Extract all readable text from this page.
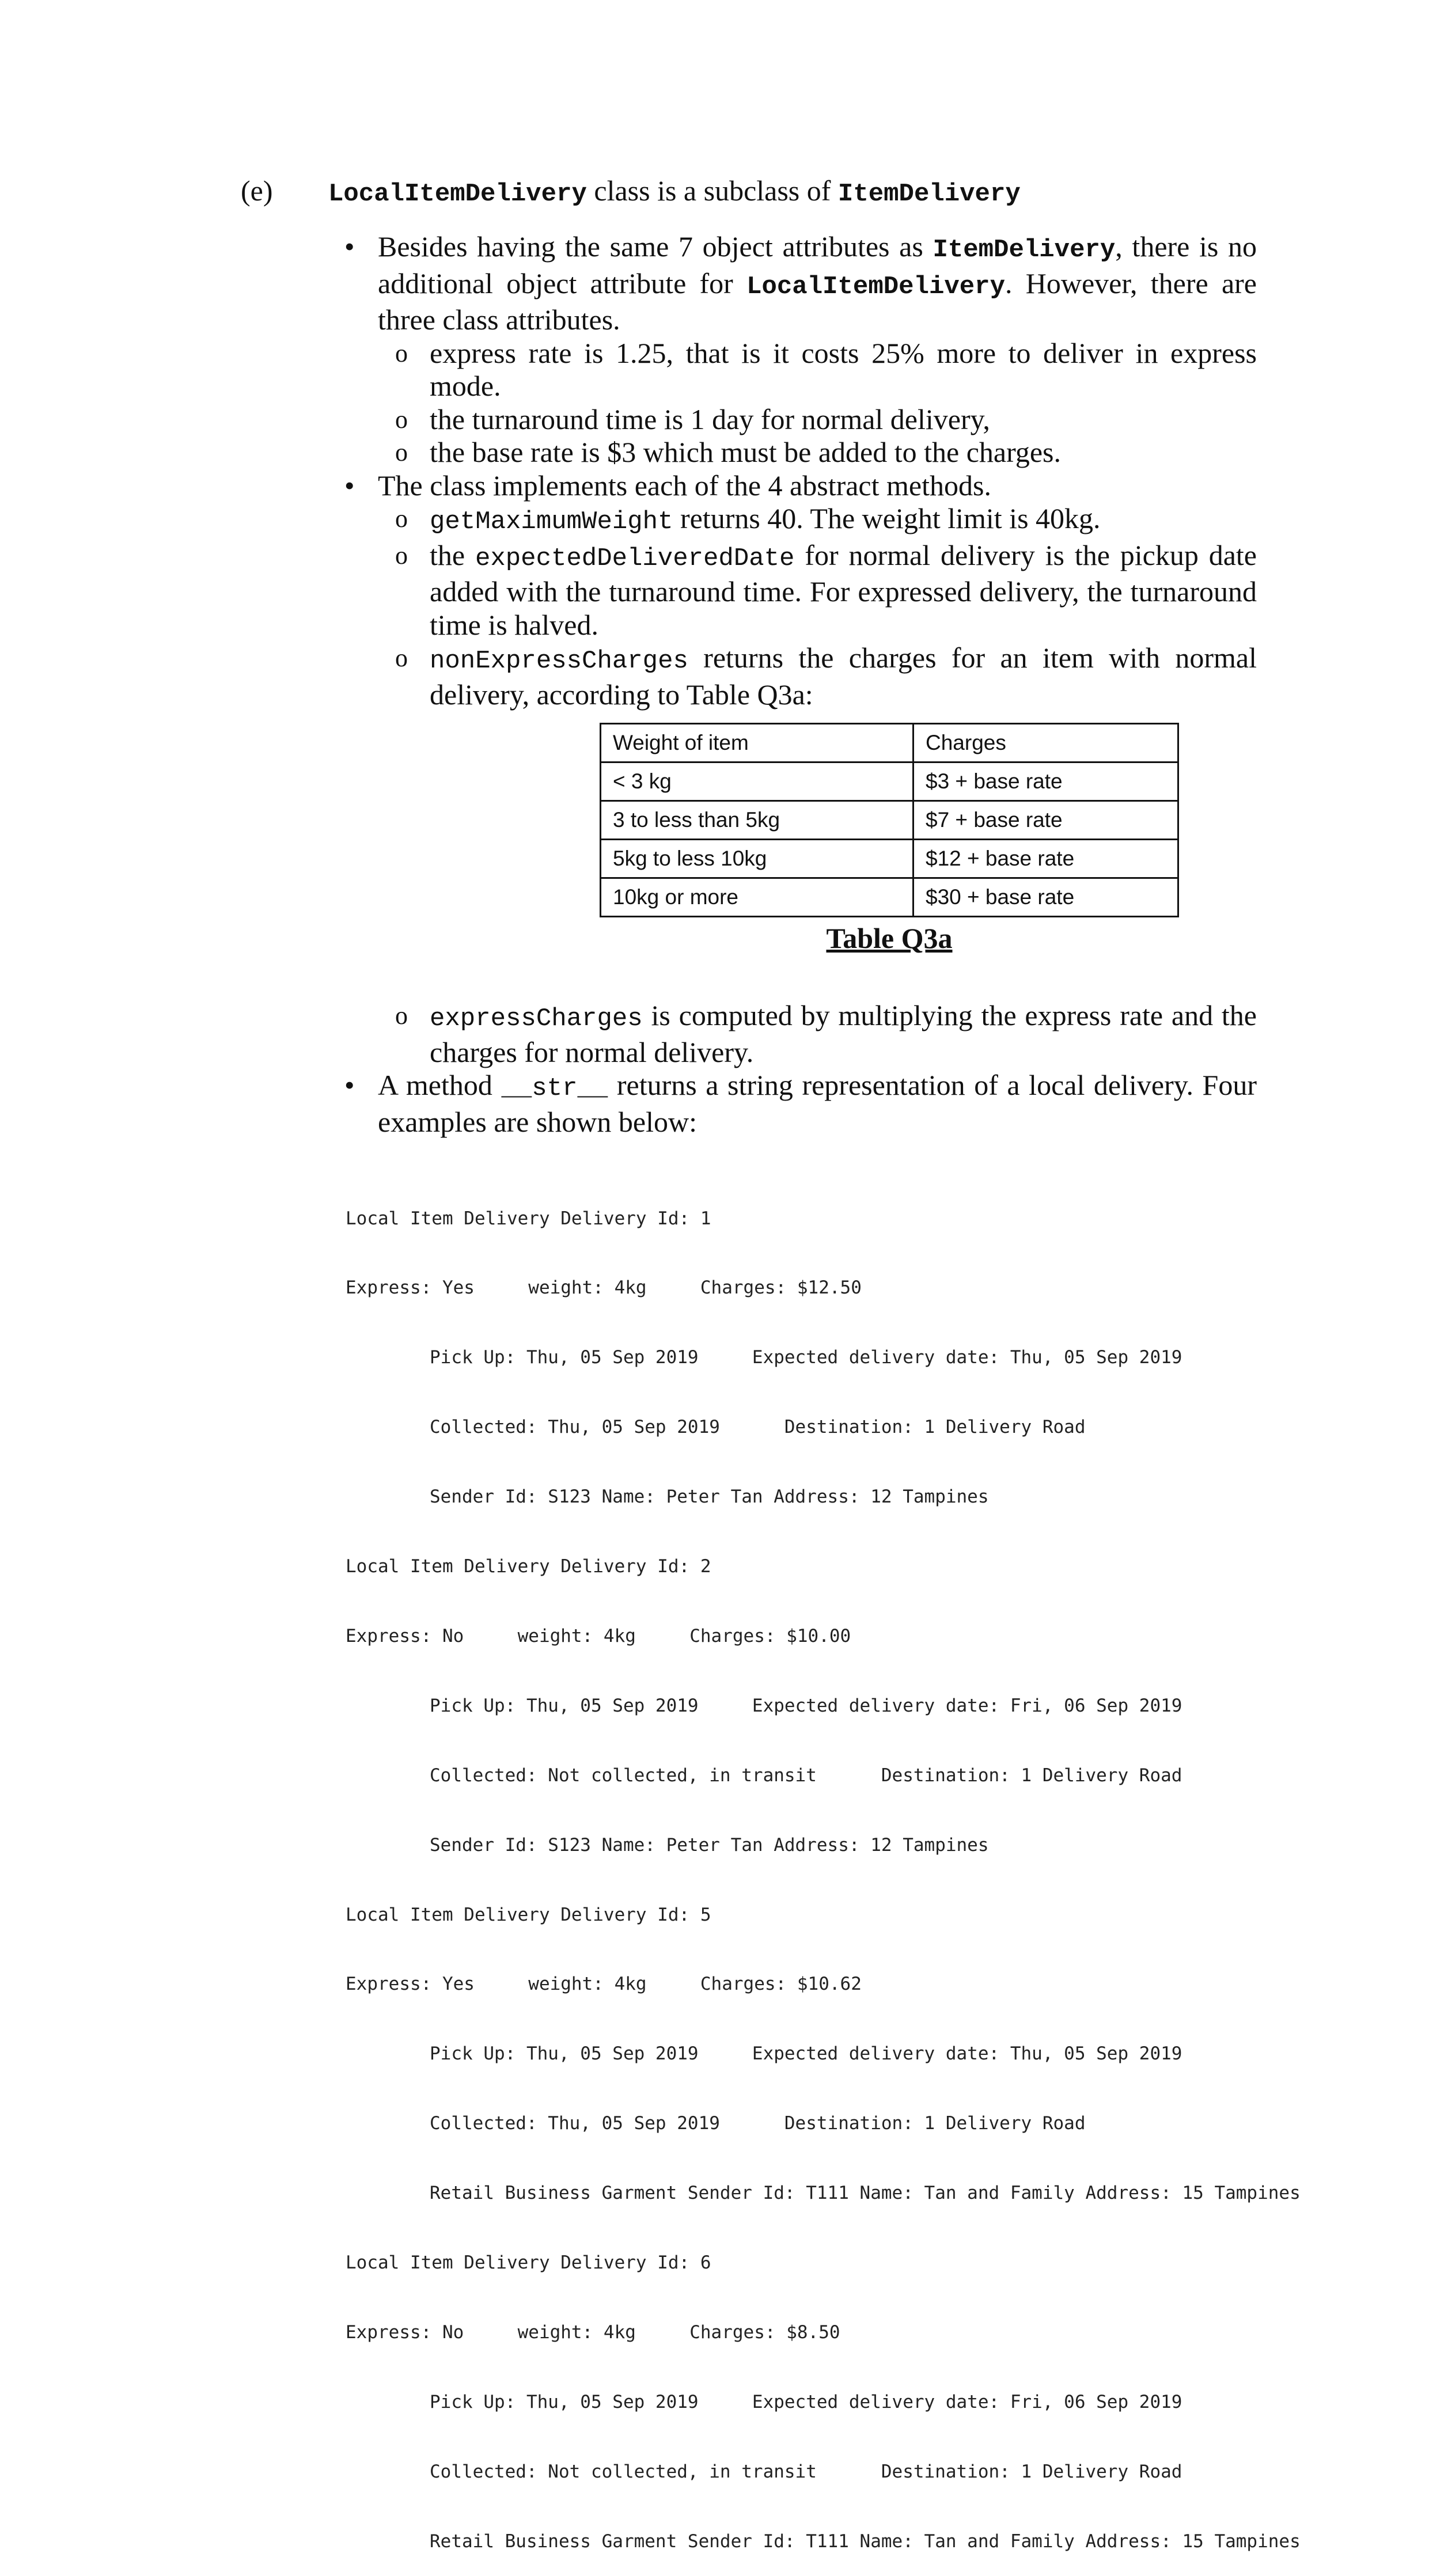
(e) LocalItemDelivery class is a subclass of ItemDelivery
• Besides having the same 7 object attributes as ItemDelivery, there is no additional object attribute for LocalItemDelivery. However, there are three class attributes.
o express rate is 1.25, that is it costs 25% more to deliver in express mode.
o the turnaround time is 1 day for normal delivery,
o the base rate is $3 which must be added to the charges.
• The class implements each of the 4 abstract methods.
o getMaximumWeight returns 40. The weight limit is 40kg.
o the expectedDeliveredDate for normal delivery is the pickup date added with the turnaround time. For expressed delivery, the turnaround time is halved.
o nonExpressCharges returns the charges for an item with normal delivery, according to Table Q3a:
o expressCharges is computed by multiplying the express rate and the charges for normal delivery.
• A method __str__ returns a string representation of a local delivery. Four examples are shown below:
Weight of item	Charges
< 3 kg	$3 + base rate
3 to less than 5kg	$7 + base rate
5kg to less 10kg	$12 + base rate
10kg or more	$30 + base rate
Table Q3a

Local Item Delivery Delivery Id: 1

Express: Yes     weight: 4kg     Charges: $12.50

Pick Up: Thu, 05 Sep 2019     Expected delivery date: Thu, 05 Sep 2019

Collected: Thu, 05 Sep 2019      Destination: 1 Delivery Road

Sender Id: S123 Name: Peter Tan Address: 12 Tampines

Local Item Delivery Delivery Id: 2

Express: No     weight: 4kg     Charges: $10.00

Pick Up: Thu, 05 Sep 2019     Expected delivery date: Fri, 06 Sep 2019

Collected: Not collected, in transit      Destination: 1 Delivery Road

Sender Id: S123 Name: Peter Tan Address: 12 Tampines

Local Item Delivery Delivery Id: 5

Express: Yes     weight: 4kg     Charges: $10.62

Pick Up: Thu, 05 Sep 2019     Expected delivery date: Thu, 05 Sep 2019

Collected: Thu, 05 Sep 2019      Destination: 1 Delivery Road

Retail Business Garment Sender Id: T111 Name: Tan and Family Address: 15 Tampines

Local Item Delivery Delivery Id: 6

Express: No     weight: 4kg     Charges: $8.50

Pick Up: Thu, 05 Sep 2019     Expected delivery date: Fri, 06 Sep 2019

Collected: Not collected, in transit      Destination: 1 Delivery Road

Retail Business Garment Sender Id: T111 Name: Tan and Family Address: 15 Tampines
